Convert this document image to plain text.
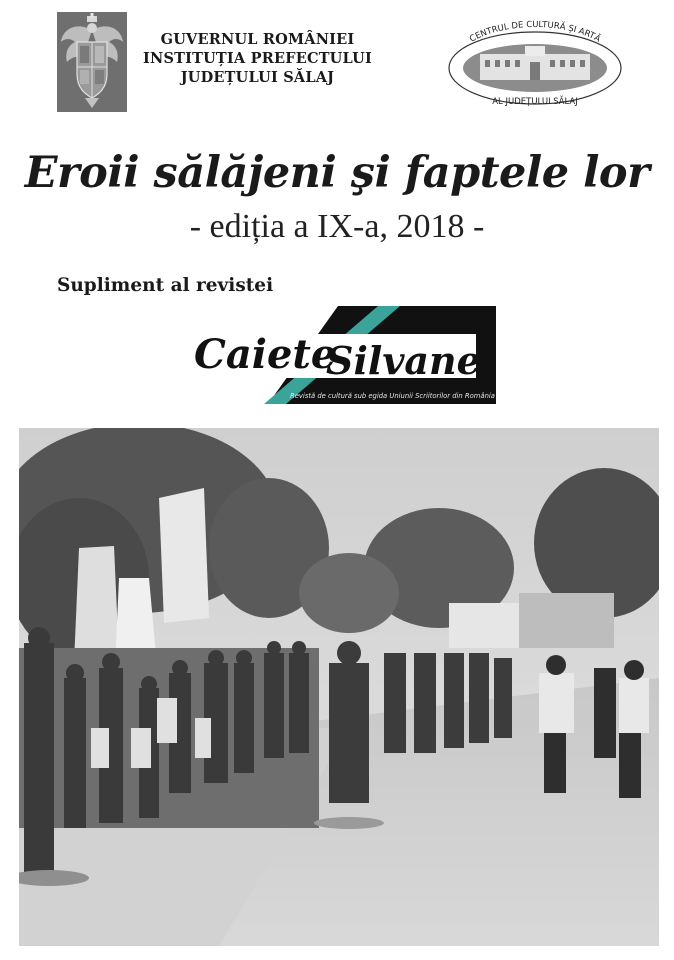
GUVERNUL ROMÂNIEI
INSTITUȚIA PREFECTULUI
JUDEȚULUI SĂLAJ
CENTRUL DE CULTURĂ ȘI ARTĂ
AL JUDEȚULUI SĂLAJ
Eroii sălăjeni şi faptele lor
- ediția a IX-a, 2018 -
Supliment al revistei
Caiete
Silvane
Revistă de cultură sub egida Uniunii Scriitorilor din România
